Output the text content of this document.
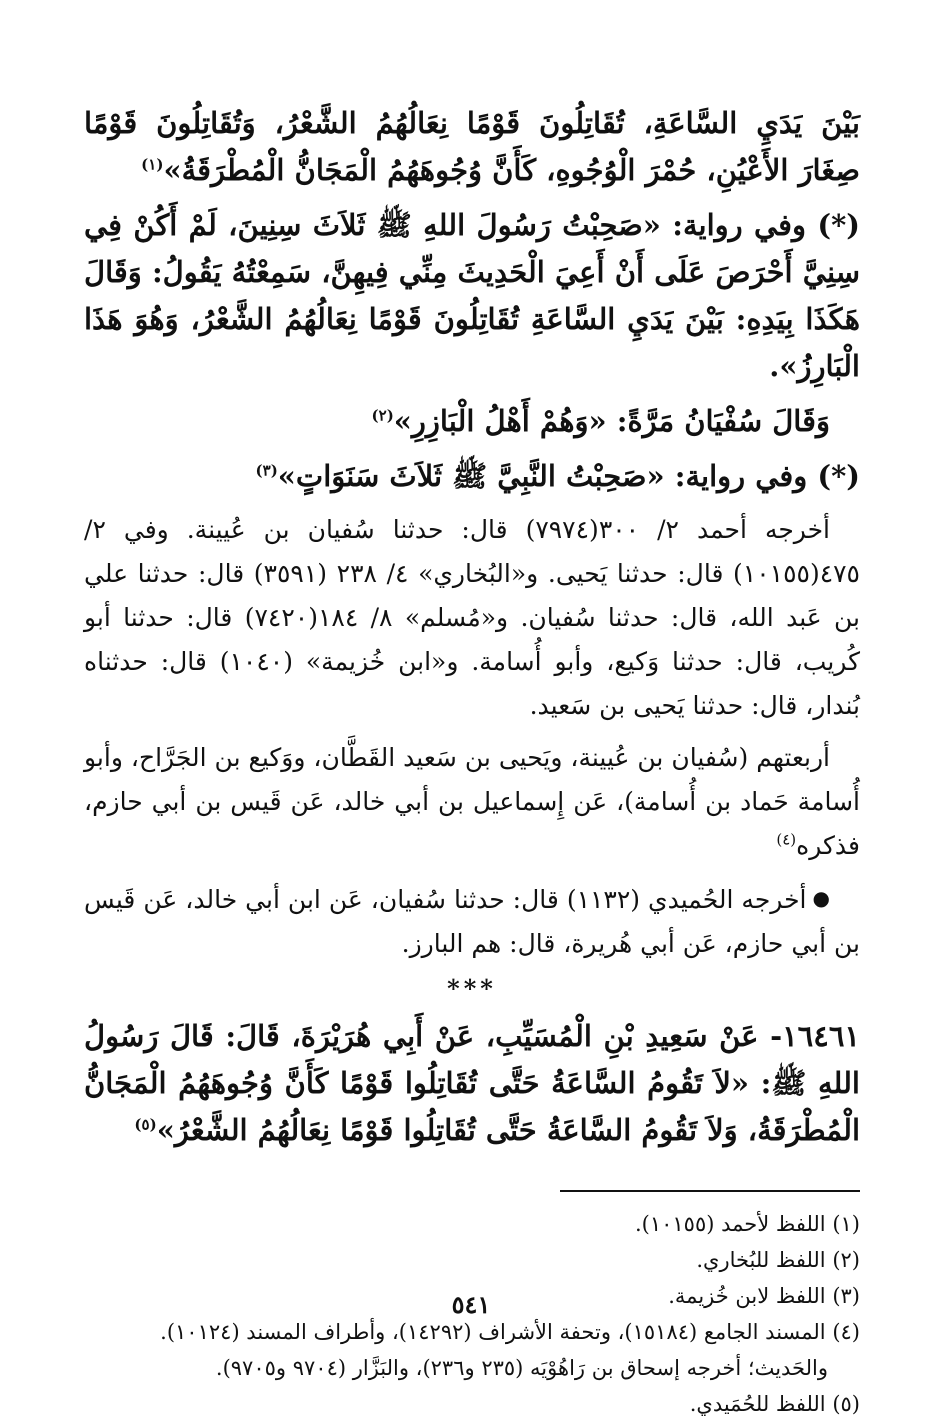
بَيْنَ يَدَيِ السَّاعَةِ، تُقَاتِلُونَ قَوْمًا نِعَالُهُمُ الشَّعْرُ، وَتُقَاتِلُونَ قَوْمًا صِغَارَ الأَعْيُنِ، حُمْرَ الْوُجُوهِ، كَأَنَّ وُجُوهَهُمُ الْمَجَانُّ الْمُطْرَقَةُ»$^{(١)}$

(*) وفي رواية: «صَحِبْتُ رَسُولَ اللهِ ﷺ ثَلاَثَ سِنِينَ، لَمْ أَكُنْ فِي سِنِيَّ أَحْرَصَ عَلَى أَنْ أَعِيَ الْحَدِيثَ مِنِّي فِيهِنَّ، سَمِعْتُهُ يَقُولُ: وَقَالَ هَكَذَا بِيَدِهِ: بَيْنَ يَدَيِ السَّاعَةِ تُقَاتِلُونَ قَوْمًا نِعَالُهُمُ الشَّعْرُ، وَهُوَ هَذَا الْبَارِزُ».

وَقَالَ سُفْيَانُ مَرَّةً: «وَهُمْ أَهْلُ الْبَازِرِ»$^{(٢)}$

(*) وفي رواية: «صَحِبْتُ النَّبِيَّ ﷺ ثَلاَثَ سَنَوَاتٍ»$^{(٣)}$

أخرجه أحمد ٢/ ٣٠٠(٧٩٧٤) قال: حدثنا سُفيان بن عُيينة. وفي ٢/ ٤٧٥(١٠١٥٥) قال: حدثنا يَحيى. و«البُخاري» ٤/ ٢٣٨ (٣٥٩١) قال: حدثنا علي بن عَبد الله، قال: حدثنا سُفيان. و«مُسلم» ٨/ ١٨٤(٧٤٢٠) قال: حدثنا أبو كُريب، قال: حدثنا وَكيع، وأبو أُسامة. و«ابن خُزيمة» (١٠٤٠) قال: حدثناه بُندار، قال: حدثنا يَحيى بن سَعيد.

أربعتهم (سُفيان بن عُيينة، ويَحيى بن سَعيد القَطَّان، ووَكيع بن الجَرَّاح، وأبو أُسامة حَماد بن أُسامة)، عَن إِسماعيل بن أبي خالد، عَن قَيس بن أبي حازم، فذكره$^{(٤)}$

●أخرجه الحُميدي (١١٣٢) قال: حدثنا سُفيان، عَن ابن أبي خالد، عَن قَيس بن أبي حازم، عَن أبي هُريرة، قال: هم البارز.

***

١٦٤٦١- عَنْ سَعِيدِ بْنِ الْمُسَيِّبِ، عَنْ أَبِي هُرَيْرَةَ، قَالَ: قَالَ رَسُولُ اللهِ ﷺ: «لاَ تَقُومُ السَّاعَةُ حَتَّى تُقَاتِلُوا قَوْمًا كَأَنَّ وُجُوهَهُمُ الْمَجَانُّ الْمُطْرَقَةُ، وَلاَ تَقُومُ السَّاعَةُ حَتَّى تُقَاتِلُوا قَوْمًا نِعَالُهُمُ الشَّعْرُ»$^{(٥)}$

(١) اللفظ لأحمد (١٠١٥٥).

(٢) اللفظ للبُخاري.

(٣) اللفظ لابن خُزيمة.

(٤) المسند الجامع (١٥١٨٤)، وتحفة الأشراف (١٤٢٩٢)، وأطراف المسند (١٠١٢٤).

والحَديث؛ أخرجه إسحاق بن رَاهُوْيَه (٢٣٥ و٢٣٦)، والبَزَّار (٩٧٠٤ و٩٧٠٥).

(٥) اللفظ للحُمَيدي.

٥٤١
